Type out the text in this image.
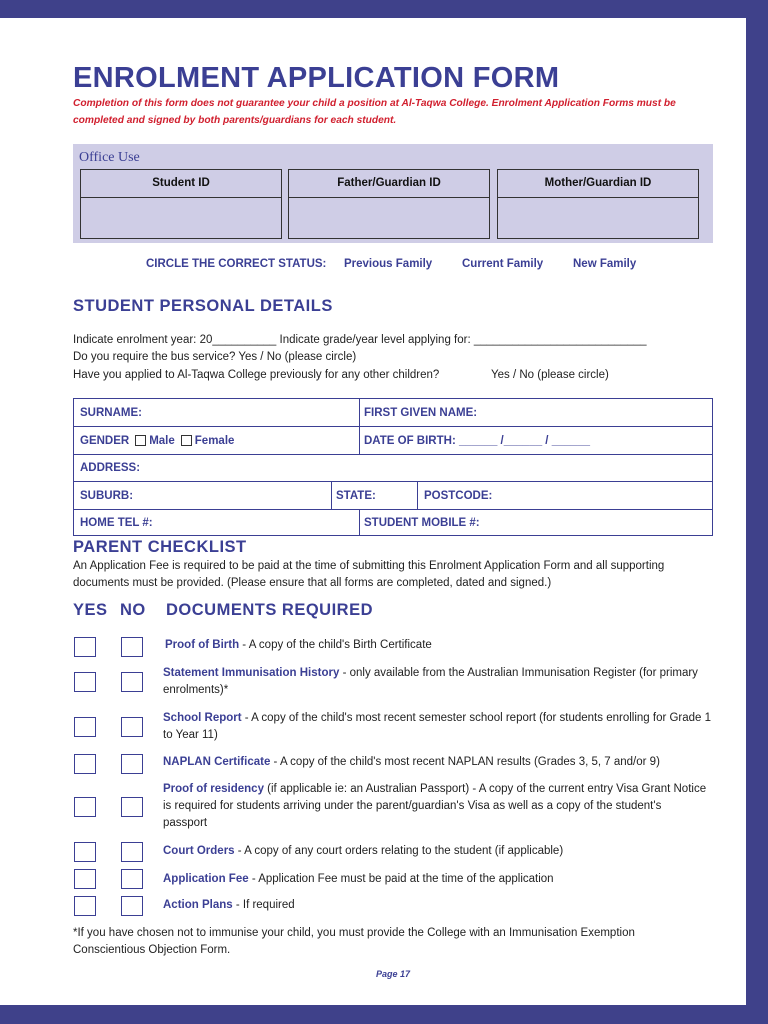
ENROLMENT APPLICATION FORM
Completion of this form does not guarantee your child a position at Al-Taqwa College. Enrolment Application Forms must be completed and signed by both parents/guardians for each student.
Office Use
Student ID	Father/Guardian ID	Mother/Guardian ID
CIRCLE THE CORRECT STATUS: Previous Family	Current Family	New Family
STUDENT PERSONAL DETAILS
Indicate enrolment year: 20__________ Indicate grade/year level applying for: ___________________________
Do you require the bus service? Yes / No (please circle)
Have you applied to Al-Taqwa College previously for any other children?	Yes / No (please circle)
SURNAME:	FIRST GIVEN NAME:
GENDER Male Female	DATE OF BIRTH: ______ /______ / ______
ADDRESS:
SUBURB:	STATE:	POSTCODE:
HOME TEL #:	STUDENT MOBILE #:
PARENT CHECKLIST
An Application Fee is required to be paid at the time of submitting this Enrolment Application Form and all supporting documents must be provided. (Please ensure that all forms are completed, dated and signed.)
YES NO DOCUMENTS REQUIRED
Proof of Birth - A copy of the child's Birth Certificate
Statement Immunisation History - only available from the Australian Immunisation Register (for primary enrolments)*
School Report - A copy of the child's most recent semester school report (for students enrolling for Grade 1 to Year 11)
NAPLAN Certificate - A copy of the child's most recent NAPLAN results (Grades 3, 5, 7 and/or 9)
Proof of residency (if applicable ie: an Australian Passport) - A copy of the current entry Visa Grant Notice is required for students arriving under the parent/guardian's Visa as well as a copy of the student's passport
Court Orders - A copy of any court orders relating to the student (if applicable)
Application Fee - Application Fee must be paid at the time of the application
Action Plans - If required
*If you have chosen not to immunise your child, you must provide the College with an Immunisation Exemption Conscientious Objection Form.
Page 17
